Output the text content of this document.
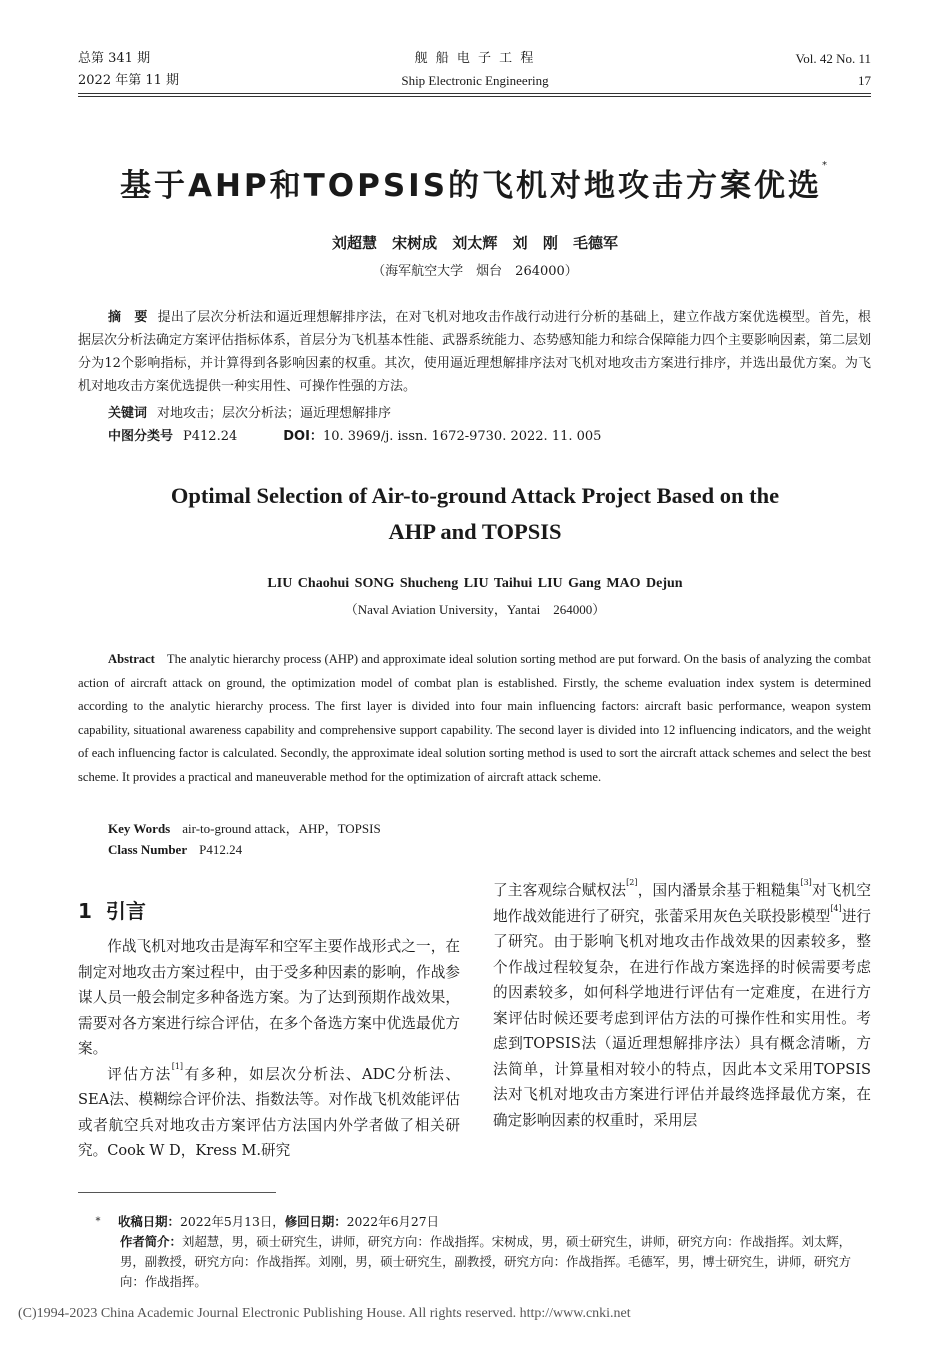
总第 341 期
2022 年第 11 期
舰 船 电 子 工 程
Ship Electronic Engineering
Vol. 42 No. 11
17
基于AHP和TOPSIS的飞机对地攻击方案优选*
刘超慧 宋树成 刘太辉 刘 刚 毛德军
（海军航空大学　烟台　264000）
摘　要 提出了层次分析法和逼近理想解排序法，在对飞机对地攻击作战行动进行分析的基础上，建立作战方案优选模型。首先，根据层次分析法确定方案评估指标体系，首层分为飞机基本性能、武器系统能力、态势感知能力和综合保障能力四个主要影响因素，第二层划分为12个影响指标，并计算得到各影响因素的权重。其次，使用逼近理想解排序法对飞机对地攻击方案进行排序，并选出最优方案。为飞机对地攻击方案优选提供一种实用性、可操作性强的方法。
关键词 对地攻击；层次分析法；逼近理想解排序
中图分类号 P412.24	DOI：10. 3969/j. issn. 1672-9730. 2022. 11. 005
Optimal Selection of Air-to-ground Attack Project Based on the
AHP and TOPSIS
LIU Chaohui SONG Shucheng LIU Taihui LIU Gang MAO Dejun
（Naval Aviation University，Yantai　264000）
Abstract The analytic hierarchy process (AHP) and approximate ideal solution sorting method are put forward. On the basis of analyzing the combat action of aircraft attack on ground, the optimization model of combat plan is established. Firstly, the scheme evaluation index system is determined according to the analytic hierarchy process. The first layer is divided into four main influencing factors: aircraft basic performance, weapon system capability, situational awareness capability and comprehensive support capability. The second layer is divided into 12 influencing indicators, and the weight of each influencing factor is calculated. Secondly, the approximate ideal solution sorting method is used to sort the aircraft attack schemes and select the best scheme. It provides a practical and maneuverable method for the optimization of aircraft attack scheme.
Key Words air-to-ground attack，AHP，TOPSIS
Class Number P412.24
1 引言

作战飞机对地攻击是海军和空军主要作战形式之一，在制定对地攻击方案过程中，由于受多种因素的影响，作战参谋人员一般会制定多种备选方案。为了达到预期作战效果，需要对各方案进行综合评估，在多个备选方案中优选最优方案。

评估方法[1]有多种，如层次分析法、ADC分析法、SEA法、模糊综合评价法、指数法等。对作战飞机效能评估或者航空兵对地攻击方案评估方法国内外学者做了相关研究。Cook W D，Kress M.研究

了主客观综合赋权法[2]，国内潘景余基于粗糙集[3]对飞机空地作战效能进行了研究，张蕾采用灰色关联投影模型[4]进行了研究。由于影响飞机对地攻击作战效果的因素较多，整个作战过程较复杂，在进行作战方案选择的时候需要考虑的因素较多，如何科学地进行评估有一定难度，在进行方案评估时候还要考虑到评估方法的可操作性和实用性。考虑到TOPSIS法（逼近理想解排序法）具有概念清晰，方法简单，计算量相对较小的特点，因此本文采用TOPSIS法对飞机对地攻击方案进行评估并最终选择最优方案，在确定影响因素的权重时，采用层

* 收稿日期：2022年5月13日，修回日期：2022年6月27日
作者简介：刘超慧，男，硕士研究生，讲师，研究方向：作战指挥。宋树成，男，硕士研究生，讲师，研究方向：作战指挥。刘太辉，男，副教授，研究方向：作战指挥。刘刚，男，硕士研究生，副教授，研究方向：作战指挥。毛德军，男，博士研究生，讲师，研究方向：作战指挥。
(C)1994-2023 China Academic Journal Electronic Publishing House. All rights reserved. http://www.cnki.net
